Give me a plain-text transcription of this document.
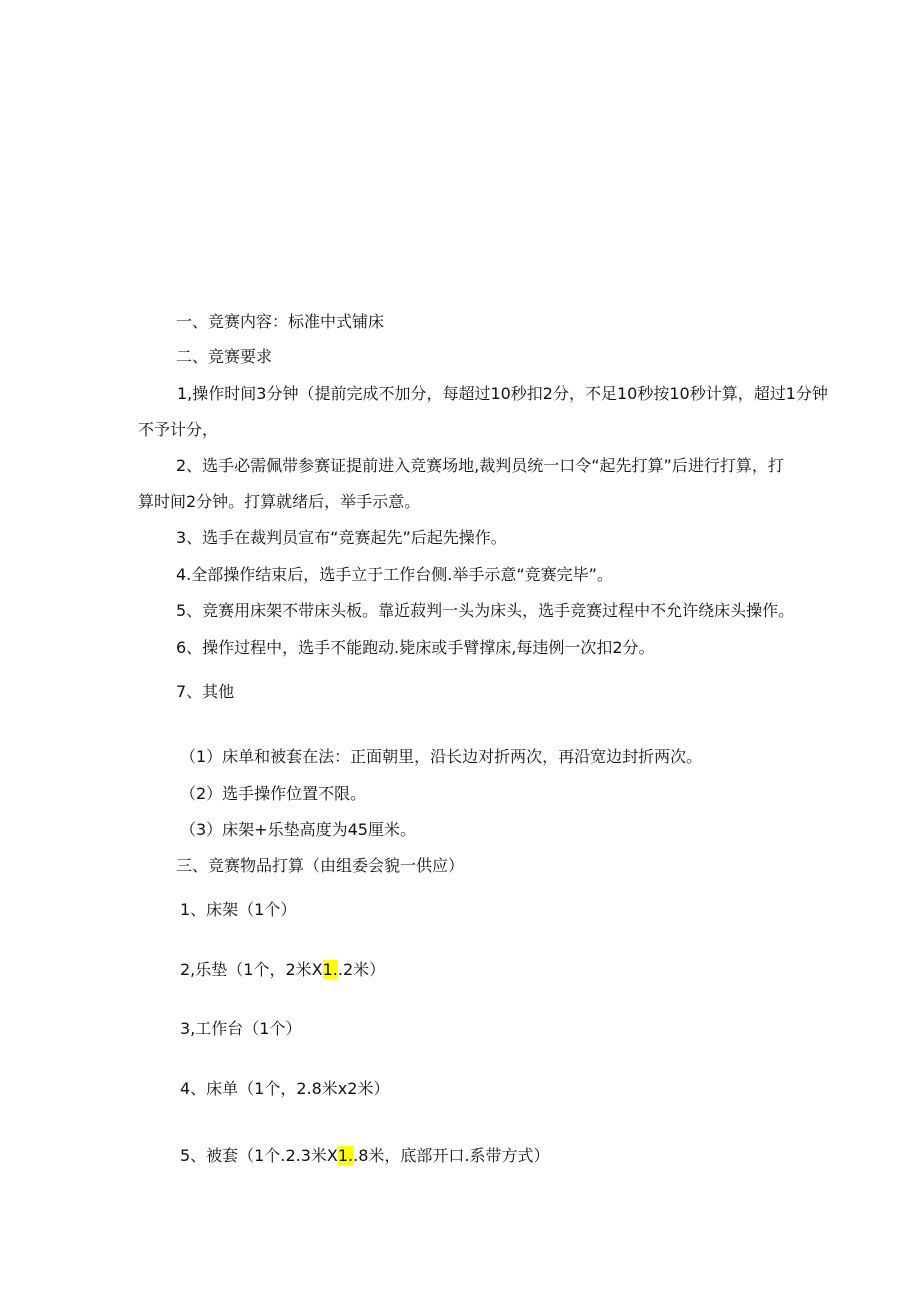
一、竞赛内容：标准中式铺床
二、竞赛要求
1,操作时间3分钟（提前完成不加分，每超过10秒扣2分，不足10秒按10秒计算，超过1分钟
不予计分，
2、选手必需佩带参赛证提前进入竞赛场地,裁判员统一口令“起先打算”后进行打算，打
算时间2分钟。打算就绪后，举手示意。
3、选手在裁判员宣布“竞赛起先”后起先操作。
4.全部操作结束后，选手立于工作台侧.举手示意“竞赛完毕”。
5、竞赛用床架不带床头板。靠近菽判一头为床头，选手竞赛过程中不允许绕床头操作。
6、操作过程中，选手不能跑动.毙床或手臂撑床,每违例一次扣2分。
7、其他
（1）床单和被套在法：正面朝里，沿长边对折两次，再沿宽边封折两次。
（2）选手操作位置不限。
（3）床架+乐垫高度为45厘米。
三、竞赛物品打算（由组委会貌一供应）
1、床架（1个）
2,乐垫（1个，2米X1..2米）
3,工作台（1个）
4、床单（1个，2.8米x2米）
5、被套（1个.2.3米X1..8米，底部开口.系带方式）
